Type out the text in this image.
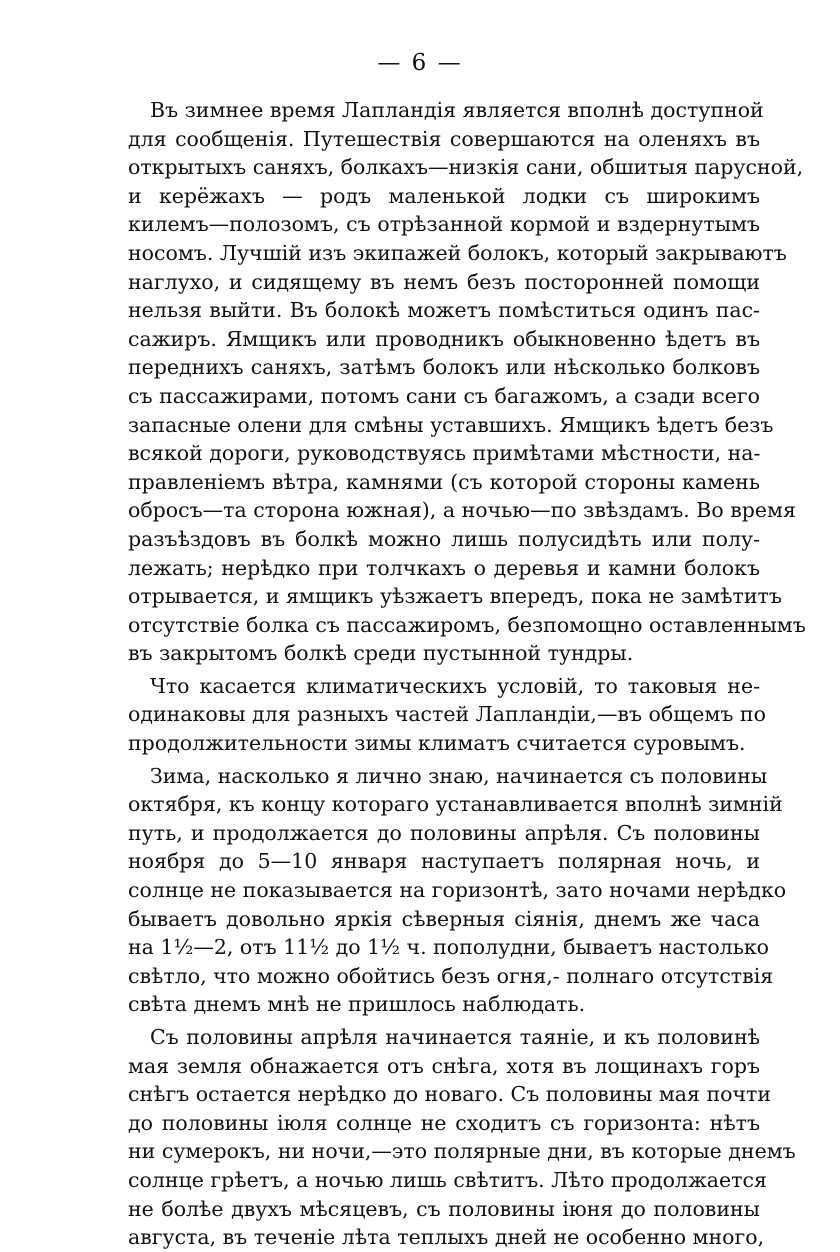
— 6 —
Въ зимнее время Лапландія является вполнѣ доступной
для сообщенія. Путешествія совершаются на оленяхъ въ
открытыхъ саняхъ, болкахъ—низкія сани, обшитыя парусной,
и керёжахъ — родъ маленькой лодки съ широкимъ
килемъ—полозомъ, съ отрѣзанной кормой и вздернутымъ
носомъ. Лучшій изъ экипажей болокъ, который закрываютъ
наглухо, и сидящему въ немъ безъ посторонней помощи
нельзя выйти. Въ болокѣ можетъ помѣститься одинъ пас-
сажиръ. Ямщикъ или проводникъ обыкновенно ѣдетъ въ
переднихъ саняхъ, затѣмъ болокъ или нѣсколько болковъ
съ пассажирами, потомъ сани съ багажомъ, а сзади всего
запасные олени для смѣны уставшихъ. Ямщикъ ѣдетъ безъ
всякой дороги, руководствуясь примѣтами мѣстности, на-
правленіемъ вѣтра, камнями (съ которой стороны камень
обросъ—та сторона южная), а ночью—по звѣздамъ. Во время
разъѣздовъ въ болкѣ можно лишь полусидѣть или полу-
лежать; нерѣдко при толчкахъ о деревья и камни болокъ
отрывается, и ямщикъ уѣзжаетъ впередъ, пока не замѣтитъ
отсутствіе болка съ пассажиромъ, безпомощно оставленнымъ
въ закрытомъ болкѣ среди пустынной тундры.
Что касается климатическихъ условій, то таковыя не-
одинаковы для разныхъ частей Лапландіи,—въ общемъ по
продолжительности зимы климатъ считается суровымъ.
Зима, насколько я лично знаю, начинается съ половины
октября, къ концу котораго устанавливается вполнѣ зимній
путь, и продолжается до половины апрѣля. Съ половины
ноября до 5—10 января наступаетъ полярная ночь, и
солнце не показывается на горизонтѣ, зато ночами нерѣдко
бываетъ довольно яркія сѣверныя сіянія, днемъ же часа
на 1½—2, отъ 11½ до 1½ ч. пополудни, бываетъ настолько
свѣтло, что можно обойтись безъ огня,- полнаго отсутствія
свѣта днемъ мнѣ не пришлось наблюдать.
Съ половины апрѣля начинается таяніе, и къ половинѣ
мая земля обнажается отъ снѣга, хотя въ лощинахъ горъ
снѣгъ остается нерѣдко до новаго. Съ половины мая почти
до половины іюля солнце не сходитъ съ горизонта: нѣтъ
ни сумерокъ, ни ночи,—это полярные дни, въ которые днемъ
солнце грѣетъ, а ночью лишь свѣтитъ. Лѣто продолжается
не болѣе двухъ мѣсяцевъ, съ половины іюня до половины
августа, въ теченіе лѣта теплыхъ дней не особенно много,
